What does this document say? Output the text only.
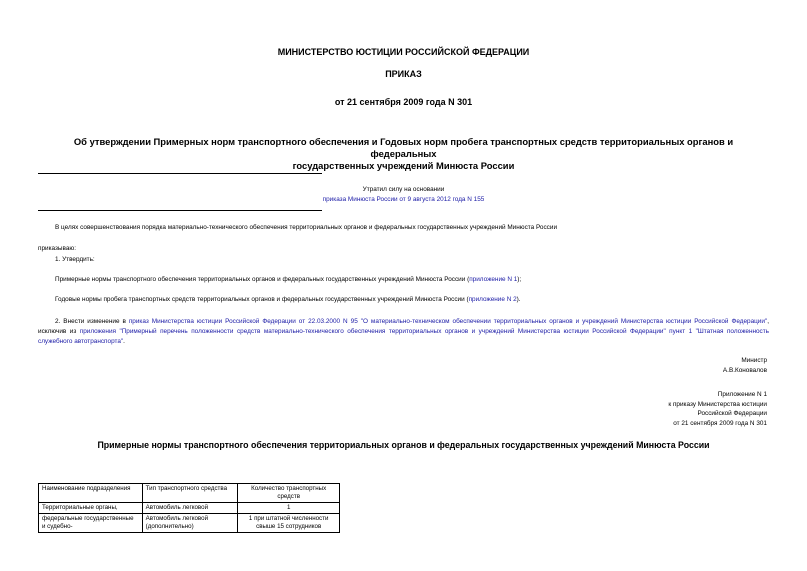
МИНИСТЕРСТВО ЮСТИЦИИ РОССИЙСКОЙ ФЕДЕРАЦИИ
ПРИКАЗ
от 21 сентября 2009 года N 301
Об утверждении Примерных норм транспортного обеспечения и Годовых норм пробега транспортных средств территориальных органов и федеральных
государственных учреждений Минюста России
Утратил силу на основании
приказа Минюста России от 9 августа 2012 года N 155
В целях совершенствования порядка материально-технического обеспечения территориальных органов и федеральных государственных учреждений Минюста России
приказываю:
1. Утвердить:
Примерные нормы транспортного обеспечения территориальных органов и федеральных государственных учреждений Минюста России (приложение N 1);
Годовые нормы пробега транспортных средств территориальных органов и федеральных государственных учреждений Минюста России (приложение N 2).
2. Внести изменение в приказ Министерства юстиции Российской Федерации от 22.03.2000 N 95 "О материально-техническом обеспечении территориальных органов и учреждений Министерства юстиции Российской Федерации", исключив из приложения "Примерный перечень положенности средств материально-технического обеспечения территориальных органов и учреждений Министерства юстиции Российской Федерации" пункт 1 "Штатная положенность служебного автотранспорта".
Министр
А.В.Коновалов
Приложение N 1
к приказу Министерства юстиции
Российской Федерации
от 21 сентября 2009 года N 301
Примерные нормы транспортного обеспечения территориальных органов и федеральных государственных учреждений Минюста России
Наименование подразделения	Тип транспортного средства	Количество транспортных средств
Территориальные органы,	Автомобиль легковой	1
федеральные государственные и судебно-	Автомобиль легковой (дополнительно)	1 при штатной численности свыше 15 сотрудников
